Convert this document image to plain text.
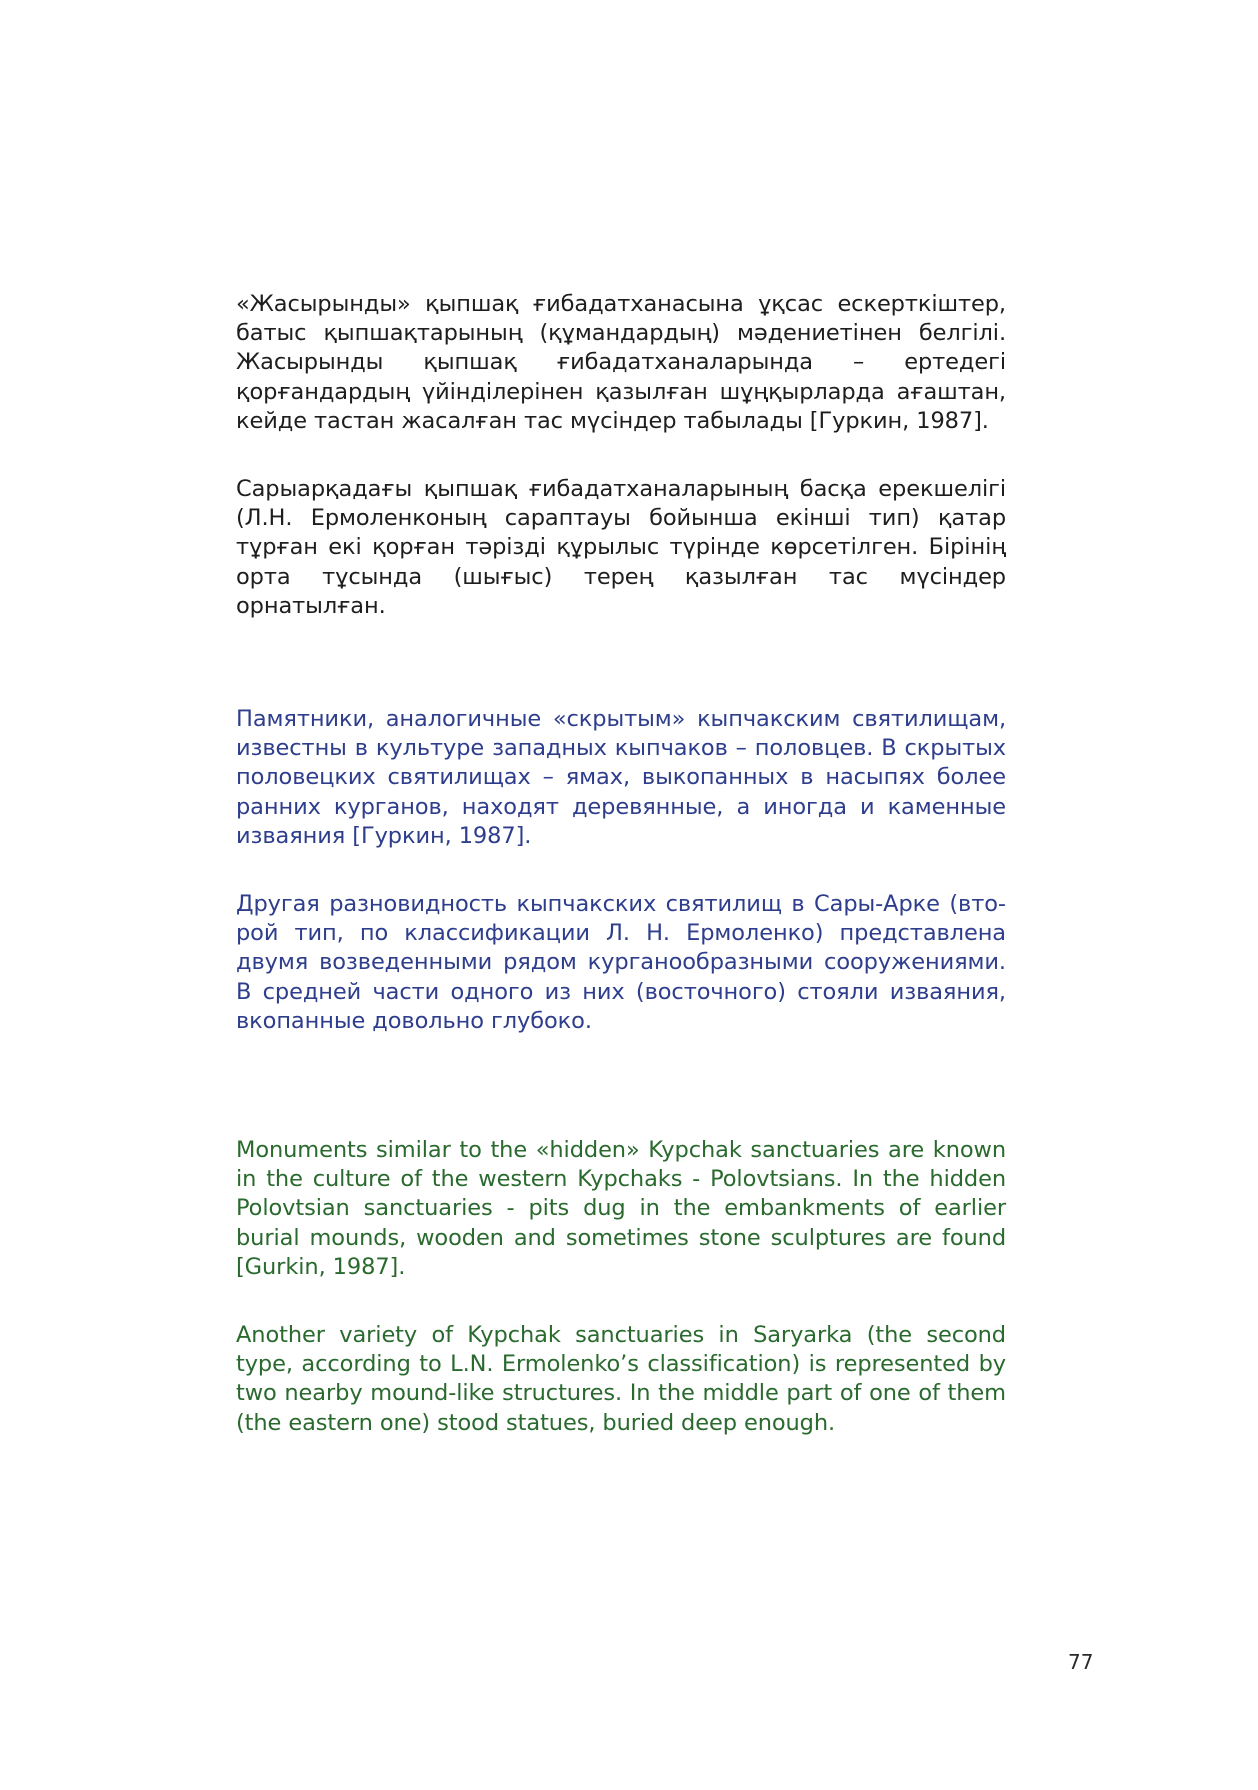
«Жасырынды» қыпшақ ғибадатханасына ұқсас ескерткіштер, батыс қыпшақтарының (құмандардың) мәдениетінен белгілі. Жасырынды қыпшақ ғибадатханаларында – ертедегі қорғандардың үйінділерінен қазылған шұңқырларда ағаштан, кейде тастан жасалған тас мүсіндер табылады [Гуркин, 1987].

Сарыарқадағы қыпшақ ғибадатханаларының басқа ерекшелігі (Л.Н. Ермоленконың сараптауы бойынша екінші тип) қатар тұрған екі қорған тәрізді құрылыс түрінде көрсетілген. Бірінің орта тұсында (шығыс) терең қазылған тас мүсіндер орнатылған.

Памятники, аналогичные «скрытым» кыпчакским святилищам, известны в культуре западных кыпчаков – половцев. В скрытых половецких святилищах – ямах, выкопанных в насыпях более ранних курганов, находят деревянные, а иногда и каменные изваяния [Гуркин, 1987].

Другая разновидность кыпчакских святилищ в Сары-Арке (второй тип, по классификации Л. Н. Ермоленко) представлена двумя возведенными рядом курганообразными сооружениями. В средней части одного из них (восточного) стояли изваяния, вкопанные довольно глубоко.

Monuments similar to the «hidden» Kypchak sanctuaries are known in the culture of the western Kypchaks - Polovtsians. In the hidden Polovtsian sanctuaries - pits dug in the embankments of earlier burial mounds, wooden and sometimes stone sculptures are found [Gurkin, 1987].

Another variety of Kypchak sanctuaries in Saryarka (the second type, according to L.N. Ermolenko’s classification) is represented by two nearby mound-like structures. In the middle part of one of them (the eastern one) stood statues, buried deep enough.

77
